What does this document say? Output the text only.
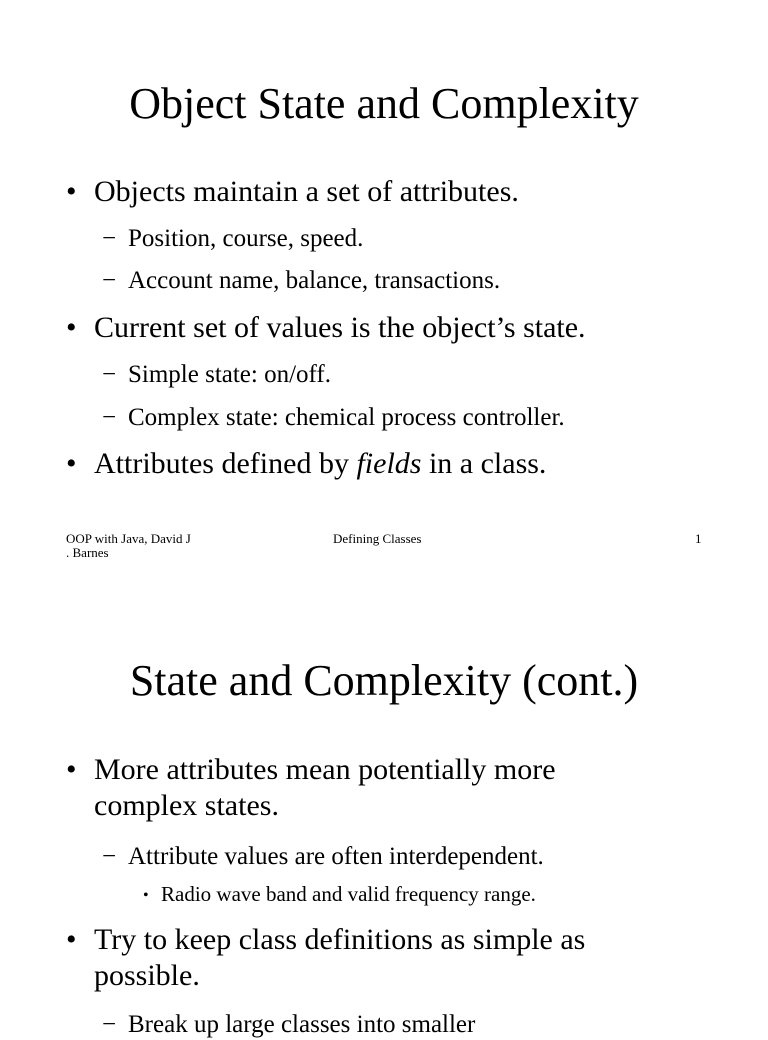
Object State and Complexity
• Objects maintain a set of attributes.
− Position, course, speed.
− Account name, balance, transactions.
• Current set of values is the object’s state.
− Simple state: on/off.
− Complex state: chemical process controller.
• Attributes defined by fields in a class.
OOP with Java, David J
. Barnes
Defining Classes	1
State and Complexity (cont.)
• More attributes mean potentially more
complex states.
− Attribute values are often interdependent.
• Radio wave band and valid frequency range.
• Try to keep class definitions as simple as
possible.
− Break up large classes into smaller
